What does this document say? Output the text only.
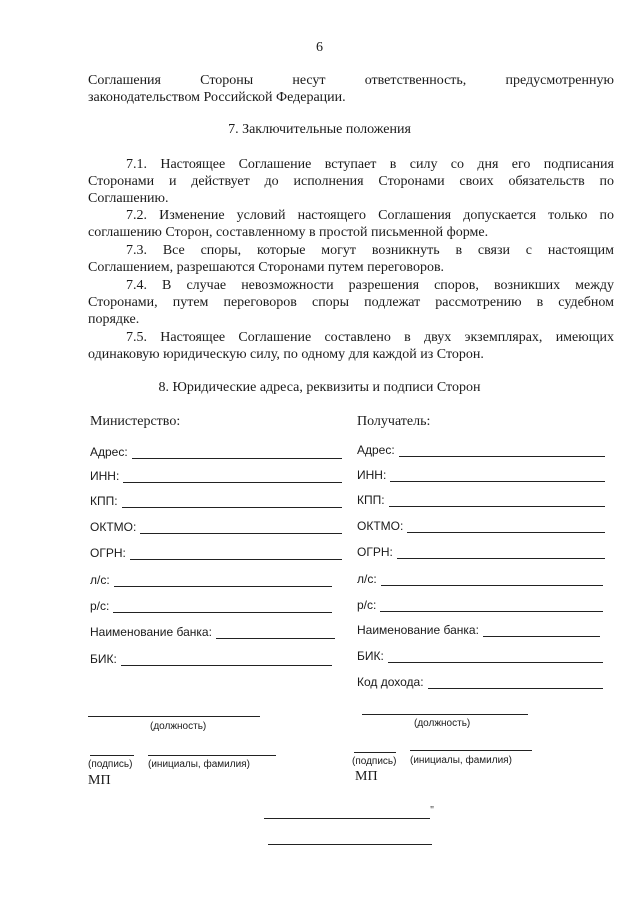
6
Соглашения	Стороны	несут	ответственность,	предусмотренную
законодательством Российской Федерации.
7. Заключительные положения
7.1. Настоящее Соглашение вступает в силу со дня его подписания
Сторонами и действует до исполнения Сторонами своих обязательств по
Соглашению.
7.2. Изменение условий настоящего Соглашения допускается только по
соглашению Сторон, составленному в простой письменной форме.
7.3. Все споры, которые могут возникнуть в связи с настоящим
Соглашением, разрешаются Сторонами путем переговоров.
7.4. В случае невозможности разрешения споров, возникших между
Сторонами, путем переговоров споры подлежат рассмотрению в судебном
порядке.
7.5. Настоящее Соглашение составлено в двух экземплярах, имеющих
одинаковую юридическую силу, по одному для каждой из Сторон.
8. Юридические адреса, реквизиты и подписи Сторон
Министерство:
Адрес:
ИНН:
КПП:
ОКТМО:
ОГРН:
л/с:
р/с:
Наименование банка:
БИК:
(должность)
(подпись) (инициалы, фамилия)
МП
Получатель:
Адрес:
ИНН:
КПП:
ОКТМО:
ОГРН:
л/с:
р/с:
Наименование банка:
БИК:
Код дохода:
(должность)
(подпись) (инициалы, фамилия)
МП
"
